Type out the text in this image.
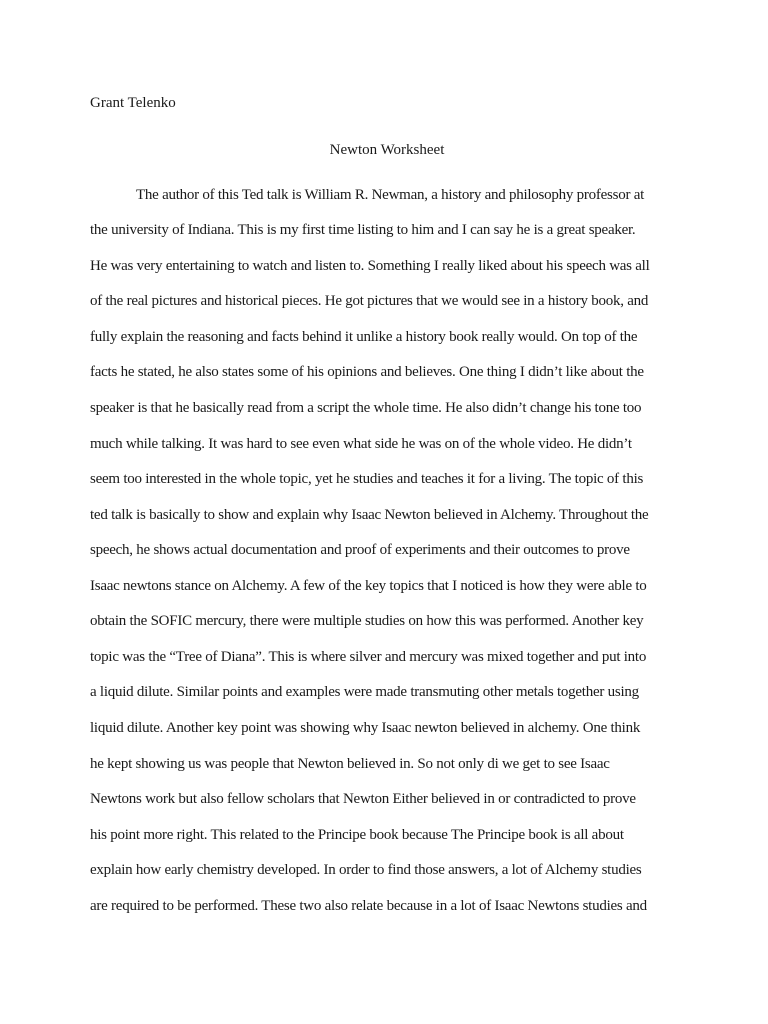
Grant Telenko
Newton Worksheet
The author of this Ted talk is William R. Newman, a history and philosophy professor at
the university of Indiana. This is my first time listing to him and I can say he is a great speaker.
He was very entertaining to watch and listen to. Something I really liked about his speech was all
of the real pictures and historical pieces. He got pictures that we would see in a history book, and
fully explain the reasoning and facts behind it unlike a history book really would. On top of the
facts he stated, he also states some of his opinions and believes. One thing I didn’t like about the
speaker is that he basically read from a script the whole time. He also didn’t change his tone too
much while talking. It was hard to see even what side he was on of the whole video. He didn’t
seem too interested in the whole topic, yet he studies and teaches it for a living. The topic of this
ted talk is basically to show and explain why Isaac Newton believed in Alchemy. Throughout the
speech, he shows actual documentation and proof of experiments and their outcomes to prove
Isaac newtons stance on Alchemy. A few of the key topics that I noticed is how they were able to
obtain the SOFIC mercury, there were multiple studies on how this was performed. Another key
topic was the “Tree of Diana”. This is where silver and mercury was mixed together and put into
a liquid dilute. Similar points and examples were made transmuting other metals together using
liquid dilute. Another key point was showing why Isaac newton believed in alchemy. One think
he kept showing us was people that Newton believed in. So not only di we get to see Isaac
Newtons work but also fellow scholars that Newton Either believed in or contradicted to prove
his point more right. This related to the Principe book because The Principe book is all about
explain how early chemistry developed. In order to find those answers, a lot of Alchemy studies
are required to be performed. These two also relate because in a lot of Isaac Newtons studies and
